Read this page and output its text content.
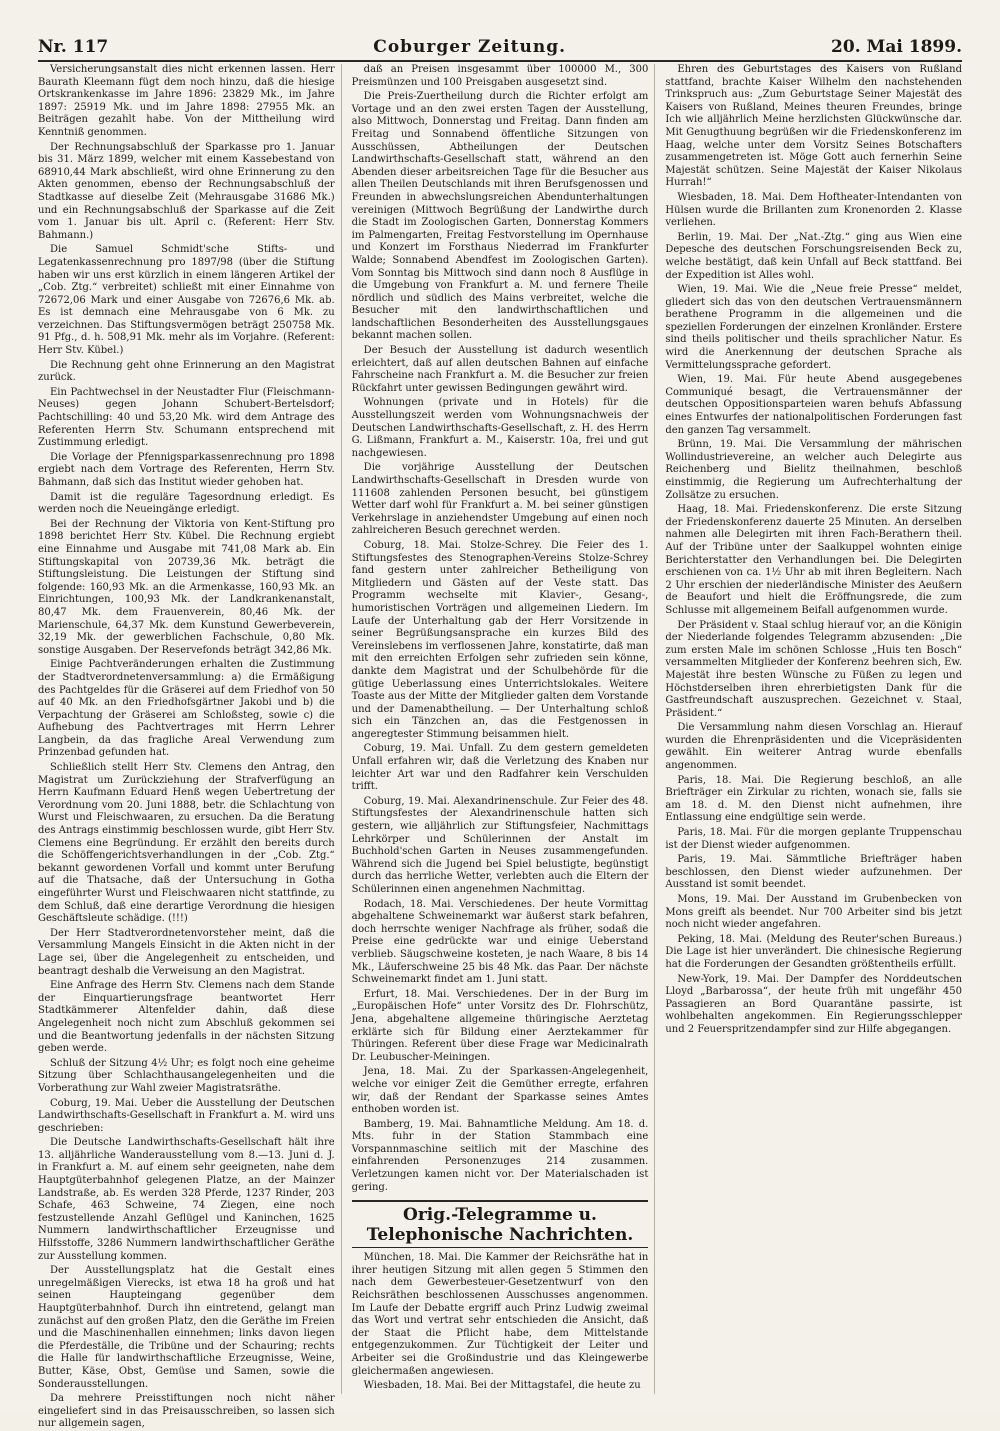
Nr. 117	Coburger Zeitung.	20. Mai 1899.

Versicherungsanstalt dies nicht erkennen lassen. Herr Baurath Kleemann fügt dem noch hinzu, daß die hiesige Ortskrankenkasse im Jahre 1896: 23829 Mk., im Jahre 1897: 25919 Mk. und im Jahre 1898: 27955 Mk. an Beiträgen gezahlt habe. Von der Mittheilung wird Kenntniß genommen.

Der Rechnungsabschluß der Sparkasse pro 1. Januar bis 31. März 1899, welcher mit einem Kassebestand von 68910,44 Mark abschließt, wird ohne Erinnerung zu den Akten genommen, ebenso der Rechnungsabschluß der Stadtkasse auf dieselbe Zeit (Mehrausgabe 31686 Mk.) und ein Rechnungsabschluß der Sparkasse auf die Zeit vom 1. Januar bis ult. April c. (Referent: Herr Stv. Bahmann.)

Die Samuel Schmidt'sche Stifts- und Legatenkassenrechnung pro 1897/98 (über die Stiftung haben wir uns erst kürzlich in einem längeren Artikel der „Cob. Ztg.“ verbreitet) schließt mit einer Einnahme von 72672,06 Mark und einer Ausgabe von 72676,6 Mk. ab. Es ist demnach eine Mehrausgabe von 6 Mk. zu verzeichnen. Das Stiftungsvermögen beträgt 250758 Mk. 91 Pfg., d. h. 508,91 Mk. mehr als im Vorjahre. (Referent: Herr Stv. Kübel.)

Die Rechnung geht ohne Erinnerung an den Magistrat zurück.

Ein Pachtwechsel in der Neustadter Flur (Fleischmann-Neuses) gegen Johann Schubert-Bertelsdorf; Pachtschilling: 40 und 53,20 Mk. wird dem Antrage des Referenten Herrn Stv. Schumann entsprechend mit Zustimmung erledigt.

Die Vorlage der Pfennigsparkassenrechnung pro 1898 ergiebt nach dem Vortrage des Referenten, Herrn Stv. Bahmann, daß sich das Institut wieder gehoben hat.

Damit ist die reguläre Tagesordnung erledigt. Es werden noch die Neueingänge erledigt.

Bei der Rechnung der Viktoria von Kent-Stiftung pro 1898 berichtet Herr Stv. Kübel. Die Rechnung ergiebt eine Einnahme und Ausgabe mit 741,08 Mark ab. Ein Stiftungskapital von 20739,36 Mk. beträgt die Stiftungsleistung. Die Leistungen der Stiftung sind folgende: 160,93 Mk. an die Armenkasse, 160,93 Mk. an Einrichtungen, 100,93 Mk. der Landkrankenanstalt, 80,47 Mk. dem Frauenverein, 80,46 Mk. der Marienschule, 64,37 Mk. dem Kunstund Gewerbeverein, 32,19 Mk. der gewerblichen Fachschule, 0,80 Mk. sonstige Ausgaben. Der Reservefonds beträgt 342,86 Mk.

Einige Pachtveränderungen erhalten die Zustimmung der Stadtverordnetenversammlung: a) die Ermäßigung des Pachtgeldes für die Gräserei auf dem Friedhof von 50 auf 40 Mk. an den Friedhofsgärtner Jakobi und b) die Verpachtung der Gräserei am Schloßsteg, sowie c) die Aufhebung des Pachtvertrages mit Herrn Lehrer Langbein, da das fragliche Areal Verwendung zum Prinzenbad gefunden hat.

Schließlich stellt Herr Stv. Clemens den Antrag, den Magistrat um Zurückziehung der Strafverfügung an Herrn Kaufmann Eduard Henß wegen Uebertretung der Verordnung vom 20. Juni 1888, betr. die Schlachtung von Wurst und Fleischwaaren, zu ersuchen. Da die Beratung des Antrags einstimmig beschlossen wurde, gibt Herr Stv. Clemens eine Begründung. Er erzählt den bereits durch die Schöffengerichtsverhandlungen in der „Cob. Ztg.“ bekannt gewordenen Vorfall und kommt unter Berufung auf die Thatsache, daß der Untersuchung in Gotha eingeführter Wurst und Fleischwaaren nicht stattfinde, zu dem Schluß, daß eine derartige Verordnung die hiesigen Geschäftsleute schädige. (!!!)

Der Herr Stadtverordnetenvorsteher meint, daß die Versammlung Mangels Einsicht in die Akten nicht in der Lage sei, über die Angelegenheit zu entscheiden, und beantragt deshalb die Verweisung an den Magistrat.

Eine Anfrage des Herrn Stv. Clemens nach dem Stande der Einquartierungsfrage beantwortet Herr Stadtkämmerer Altenfelder dahin, daß diese Angelegenheit noch nicht zum Abschluß gekommen sei und die Beantwortung jedenfalls in der nächsten Sitzung geben werde.

Schluß der Sitzung 4½ Uhr; es folgt noch eine geheime Sitzung über Schlachthausangelegenheiten und die Vorberathung zur Wahl zweier Magistratsräthe.

Coburg, 19. Mai. Ueber die Ausstellung der Deutschen Landwirthschafts-Gesellschaft in Frankfurt a. M. wird uns geschrieben:

Die Deutsche Landwirthschafts-Gesellschaft hält ihre 13. alljährliche Wanderausstellung vom 8.—13. Juni d. J. in Frankfurt a. M. auf einem sehr geeigneten, nahe dem Hauptgüterbahnhof gelegenen Platze, an der Mainzer Landstraße, ab. Es werden 328 Pferde, 1237 Rinder, 203 Schafe, 463 Schweine, 74 Ziegen, eine noch festzustellende Anzahl Geflügel und Kaninchen, 1625 Nummern landwirthschaftlicher Erzeugnisse und Hilfsstoffe, 3286 Nummern landwirthschaftlicher Geräthe zur Ausstellung kommen.

Der Ausstellungsplatz hat die Gestalt eines unregelmäßigen Vierecks, ist etwa 18 ha groß und hat seinen Haupteingang gegenüber dem Hauptgüterbahnhof. Durch ihn eintretend, gelangt man zunächst auf den großen Platz, den die Geräthe im Freien und die Maschinenhallen einnehmen; links davon liegen die Pferdeställe, die Tribüne und der Schauring; rechts die Halle für landwirthschaftliche Erzeugnisse, Weine, Butter, Käse, Obst, Gemüse und Samen, sowie die Sonderausstellungen.

Da mehrere Preisstiftungen noch nicht näher eingeliefert sind in das Preisausschreiben, so lassen sich nur allgemein sagen,

daß an Preisen insgesammt über 100000 M., 300 Preismünzen und 100 Preisgaben ausgesetzt sind.

Die Preis-Zuertheilung durch die Richter erfolgt am Vortage und an den zwei ersten Tagen der Ausstellung, also Mittwoch, Donnerstag und Freitag. Dann finden am Freitag und Sonnabend öffentliche Sitzungen von Ausschüssen, Abtheilungen der Deutschen Landwirthschafts-Gesellschaft statt, während an den Abenden dieser arbeitsreichen Tage für die Besucher aus allen Theilen Deutschlands mit ihren Berufsgenossen und Freunden in abwechslungsreichen Abendunterhaltungen vereinigen (Mittwoch Begrüßung der Landwirthe durch die Stadt im Zoologischen Garten, Donnerstag Kommers im Palmengarten, Freitag Festvorstellung im Opernhause und Konzert im Forsthaus Niederrad im Frankfurter Walde; Sonnabend Abendfest im Zoologischen Garten). Vom Sonntag bis Mittwoch sind dann noch 8 Ausflüge in die Umgebung von Frankfurt a. M. und fernere Theile nördlich und südlich des Mains verbreitet, welche die Besucher mit den landwirthschaftlichen und landschaftlichen Besonderheiten des Ausstellungsgaues bekannt machen sollen.

Der Besuch der Ausstellung ist dadurch wesentlich erleichtert, daß auf allen deutschen Bahnen auf einfache Fahrscheine nach Frankfurt a. M. die Besucher zur freien Rückfahrt unter gewissen Bedingungen gewährt wird.

Wohnungen (private und in Hotels) für die Ausstellungszeit werden vom Wohnungsnachweis der Deutschen Landwirthschafts-Gesellschaft, z. H. des Herrn G. Lißmann, Frankfurt a. M., Kaiserstr. 10a, frei und gut nachgewiesen.

Die vorjährige Ausstellung der Deutschen Landwirthschafts-Gesellschaft in Dresden wurde von 111608 zahlenden Personen besucht, bei günstigem Wetter darf wohl für Frankfurt a. M. bei seiner günstigen Verkehrslage in anziehendster Umgebung auf einen noch zahlreicheren Besuch gerechnet werden.

Coburg, 18. Mai. Stolze-Schrey. Die Feier des 1. Stiftungsfestes des Stenographen-Vereins Stolze-Schrey fand gestern unter zahlreicher Betheiligung von Mitgliedern und Gästen auf der Veste statt. Das Programm wechselte mit Klavier-, Gesang-, humoristischen Vorträgen und allgemeinen Liedern. Im Laufe der Unterhaltung gab der Herr Vorsitzende in seiner Begrüßungsansprache ein kurzes Bild des Vereinslebens im verflossenen Jahre, konstatirte, daß man mit den erreichten Erfolgen sehr zufrieden sein könne, dankte dem Magistrat und der Schulbehörde für die gütige Ueberlassung eines Unterrichtslokales. Weitere Toaste aus der Mitte der Mitglieder galten dem Vorstande und der Damenabtheilung. — Der Unterhaltung schloß sich ein Tänzchen an, das die Festgenossen in angeregtester Stimmung beisammen hielt.

Coburg, 19. Mai. Unfall. Zu dem gestern gemeldeten Unfall erfahren wir, daß die Verletzung des Knaben nur leichter Art war und den Radfahrer kein Verschulden trifft.

Coburg, 19. Mai. Alexandrinenschule. Zur Feier des 48. Stiftungsfestes der Alexandrinenschule hatten sich gestern, wie alljährlich zur Stiftungsfeier, Nachmittags Lehrkörper und Schülerinnen der Anstalt im Buchhold'schen Garten in Neuses zusammengefunden. Während sich die Jugend bei Spiel belustigte, begünstigt durch das herrliche Wetter, verlebten auch die Eltern der Schülerinnen einen angenehmen Nachmittag.

Rodach, 18. Mai. Verschiedenes. Der heute Vormittag abgehaltene Schweinemarkt war äußerst stark befahren, doch herrschte weniger Nachfrage als früher, sodaß die Preise eine gedrückte war und einige Ueberstand verblieb. Säugschweine kosteten, je nach Waare, 8 bis 14 Mk., Läuferschweine 25 bis 48 Mk. das Paar. Der nächste Schweinemarkt findet am 1. Juni statt.

Erfurt, 18. Mai. Verschiedenes. Der in der Burg im „Europäischen Hofe“ unter Vorsitz des Dr. Flohrschütz, Jena, abgehaltene allgemeine thüringische Aerztetag erklärte sich für Bildung einer Aerztekammer für Thüringen. Referent über diese Frage war Medicinalrath Dr. Leubuscher-Meiningen.

Jena, 18. Mai. Zu der Sparkassen-Angelegenheit, welche vor einiger Zeit die Gemüther erregte, erfahren wir, daß der Rendant der Sparkasse seines Amtes enthoben worden ist.

Bamberg, 19. Mai. Bahnamtliche Meldung. Am 18. d. Mts. fuhr in der Station Stammbach eine Vorspannmaschine seitlich mit der Maschine des einfahrenden Personenzuges 214 zusammen. Verletzungen kamen nicht vor. Der Materialschaden ist gering.

Orig.-Telegramme u. Telephonische Nachrichten.

München, 18. Mai. Die Kammer der Reichsräthe hat in ihrer heutigen Sitzung mit allen gegen 5 Stimmen den nach dem Gewerbesteuer-Gesetzentwurf von den Reichsräthen beschlossenen Ausschusses angenommen. Im Laufe der Debatte ergriff auch Prinz Ludwig zweimal das Wort und vertrat sehr entschieden die Ansicht, daß der Staat die Pflicht habe, dem Mittelstande entgegenzukommen. Zur Tüchtigkeit der Leiter und Arbeiter sei die Großindustrie und das Kleingewerbe gleichermaßen angewiesen.

Wiesbaden, 18. Mai. Bei der Mittagstafel, die heute zu

Ehren des Geburtstages des Kaisers von Rußland stattfand, brachte Kaiser Wilhelm den nachstehenden Trinkspruch aus: „Zum Geburtstage Seiner Majestät des Kaisers von Rußland, Meines theuren Freundes, bringe Ich wie alljährlich Meine herzlichsten Glückwünsche dar. Mit Genugthuung begrüßen wir die Friedenskonferenz im Haag, welche unter dem Vorsitz Seines Botschafters zusammengetreten ist. Möge Gott auch fernerhin Seine Majestät schützen. Seine Majestät der Kaiser Nikolaus Hurrah!“

Wiesbaden, 18. Mai. Dem Hoftheater-Intendanten von Hülsen wurde die Brillanten zum Kronenorden 2. Klasse verliehen.

Berlin, 19. Mai. Der „Nat.-Ztg.“ ging aus Wien eine Depesche des deutschen Forschungsreisenden Beck zu, welche bestätigt, daß kein Unfall auf Beck stattfand. Bei der Expedition ist Alles wohl.

Wien, 19. Mai. Wie die „Neue freie Presse“ meldet, gliedert sich das von den deutschen Vertrauensmännern berathene Programm in die allgemeinen und die speziellen Forderungen der einzelnen Kronländer. Erstere sind theils politischer und theils sprachlicher Natur. Es wird die Anerkennung der deutschen Sprache als Vermittelungssprache gefordert.

Wien, 19. Mai. Für heute Abend ausgegebenes Communiqué besagt, die Vertrauensmänner der deutschen Oppositionsparteien waren behufs Abfassung eines Entwurfes der nationalpolitischen Forderungen fast den ganzen Tag versammelt.

Brünn, 19. Mai. Die Versammlung der mährischen Wollindustrievereine, an welcher auch Delegirte aus Reichenberg und Bielitz theilnahmen, beschloß einstimmig, die Regierung um Aufrechterhaltung der Zollsätze zu ersuchen.

Haag, 18. Mai. Friedenskonferenz. Die erste Sitzung der Friedenskonferenz dauerte 25 Minuten. An derselben nahmen alle Delegirten mit ihren Fach-Berathern theil. Auf der Tribüne unter der Saalkuppel wohnten einige Berichterstatter den Verhandlungen bei. Die Delegirten erschienen von ca. 1½ Uhr ab mit ihren Begleitern. Nach 2 Uhr erschien der niederländische Minister des Aeußern de Beaufort und hielt die Eröffnungsrede, die zum Schlusse mit allgemeinem Beifall aufgenommen wurde.

Der Präsident v. Staal schlug hierauf vor, an die Königin der Niederlande folgendes Telegramm abzusenden: „Die zum ersten Male im schönen Schlosse „Huis ten Bosch“ versammelten Mitglieder der Konferenz beehren sich, Ew. Majestät ihre besten Wünsche zu Füßen zu legen und Höchstderselben ihren ehrerbietigsten Dank für die Gastfreundschaft auszusprechen. Gezeichnet v. Staal, Präsident.“

Die Versammlung nahm diesen Vorschlag an. Hierauf wurden die Ehrenpräsidenten und die Vicepräsidenten gewählt. Ein weiterer Antrag wurde ebenfalls angenommen.

Paris, 18. Mai. Die Regierung beschloß, an alle Briefträger ein Zirkular zu richten, wonach sie, falls sie am 18. d. M. den Dienst nicht aufnehmen, ihre Entlassung eine endgültige sein werde.

Paris, 18. Mai. Für die morgen geplante Truppenschau ist der Dienst wieder aufgenommen.

Paris, 19. Mai. Sämmtliche Briefträger haben beschlossen, den Dienst wieder aufzunehmen. Der Ausstand ist somit beendet.

Mons, 19. Mai. Der Ausstand im Grubenbecken von Mons greift als beendet. Nur 700 Arbeiter sind bis jetzt noch nicht wieder angefahren.

Peking, 18. Mai. (Meldung des Reuter'schen Bureaus.) Die Lage ist hier unverändert. Die chinesische Regierung hat die Forderungen der Gesandten größtentheils erfüllt.

New-York, 19. Mai. Der Dampfer des Norddeutschen Lloyd „Barbarossa“, der heute früh mit ungefähr 450 Passagieren an Bord Quarantäne passirte, ist wohlbehalten angekommen. Ein Regierungsschlepper und 2 Feuerspritzendampfer sind zur Hilfe abgegangen.
